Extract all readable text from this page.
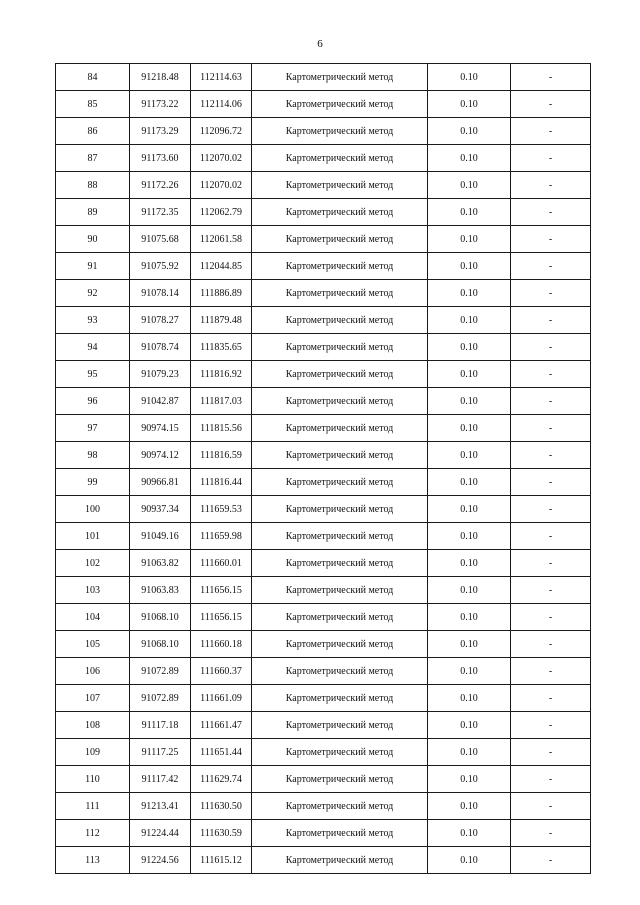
6
84	91218.48	112114.63	Картометрический метод	0.10	-
85	91173.22	112114.06	Картометрический метод	0.10	-
86	91173.29	112096.72	Картометрический метод	0.10	-
87	91173.60	112070.02	Картометрический метод	0.10	-
88	91172.26	112070.02	Картометрический метод	0.10	-
89	91172.35	112062.79	Картометрический метод	0.10	-
90	91075.68	112061.58	Картометрический метод	0.10	-
91	91075.92	112044.85	Картометрический метод	0.10	-
92	91078.14	111886.89	Картометрический метод	0.10	-
93	91078.27	111879.48	Картометрический метод	0.10	-
94	91078.74	111835.65	Картометрический метод	0.10	-
95	91079.23	111816.92	Картометрический метод	0.10	-
96	91042.87	111817.03	Картометрический метод	0.10	-
97	90974.15	111815.56	Картометрический метод	0.10	-
98	90974.12	111816.59	Картометрический метод	0.10	-
99	90966.81	111816.44	Картометрический метод	0.10	-
100	90937.34	111659.53	Картометрический метод	0.10	-
101	91049.16	111659.98	Картометрический метод	0.10	-
102	91063.82	111660.01	Картометрический метод	0.10	-
103	91063.83	111656.15	Картометрический метод	0.10	-
104	91068.10	111656.15	Картометрический метод	0.10	-
105	91068.10	111660.18	Картометрический метод	0.10	-
106	91072.89	111660.37	Картометрический метод	0.10	-
107	91072.89	111661.09	Картометрический метод	0.10	-
108	91117.18	111661.47	Картометрический метод	0.10	-
109	91117.25	111651.44	Картометрический метод	0.10	-
110	91117.42	111629.74	Картометрический метод	0.10	-
111	91213.41	111630.50	Картометрический метод	0.10	-
112	91224.44	111630.59	Картометрический метод	0.10	-
113	91224.56	111615.12	Картометрический метод	0.10	-
